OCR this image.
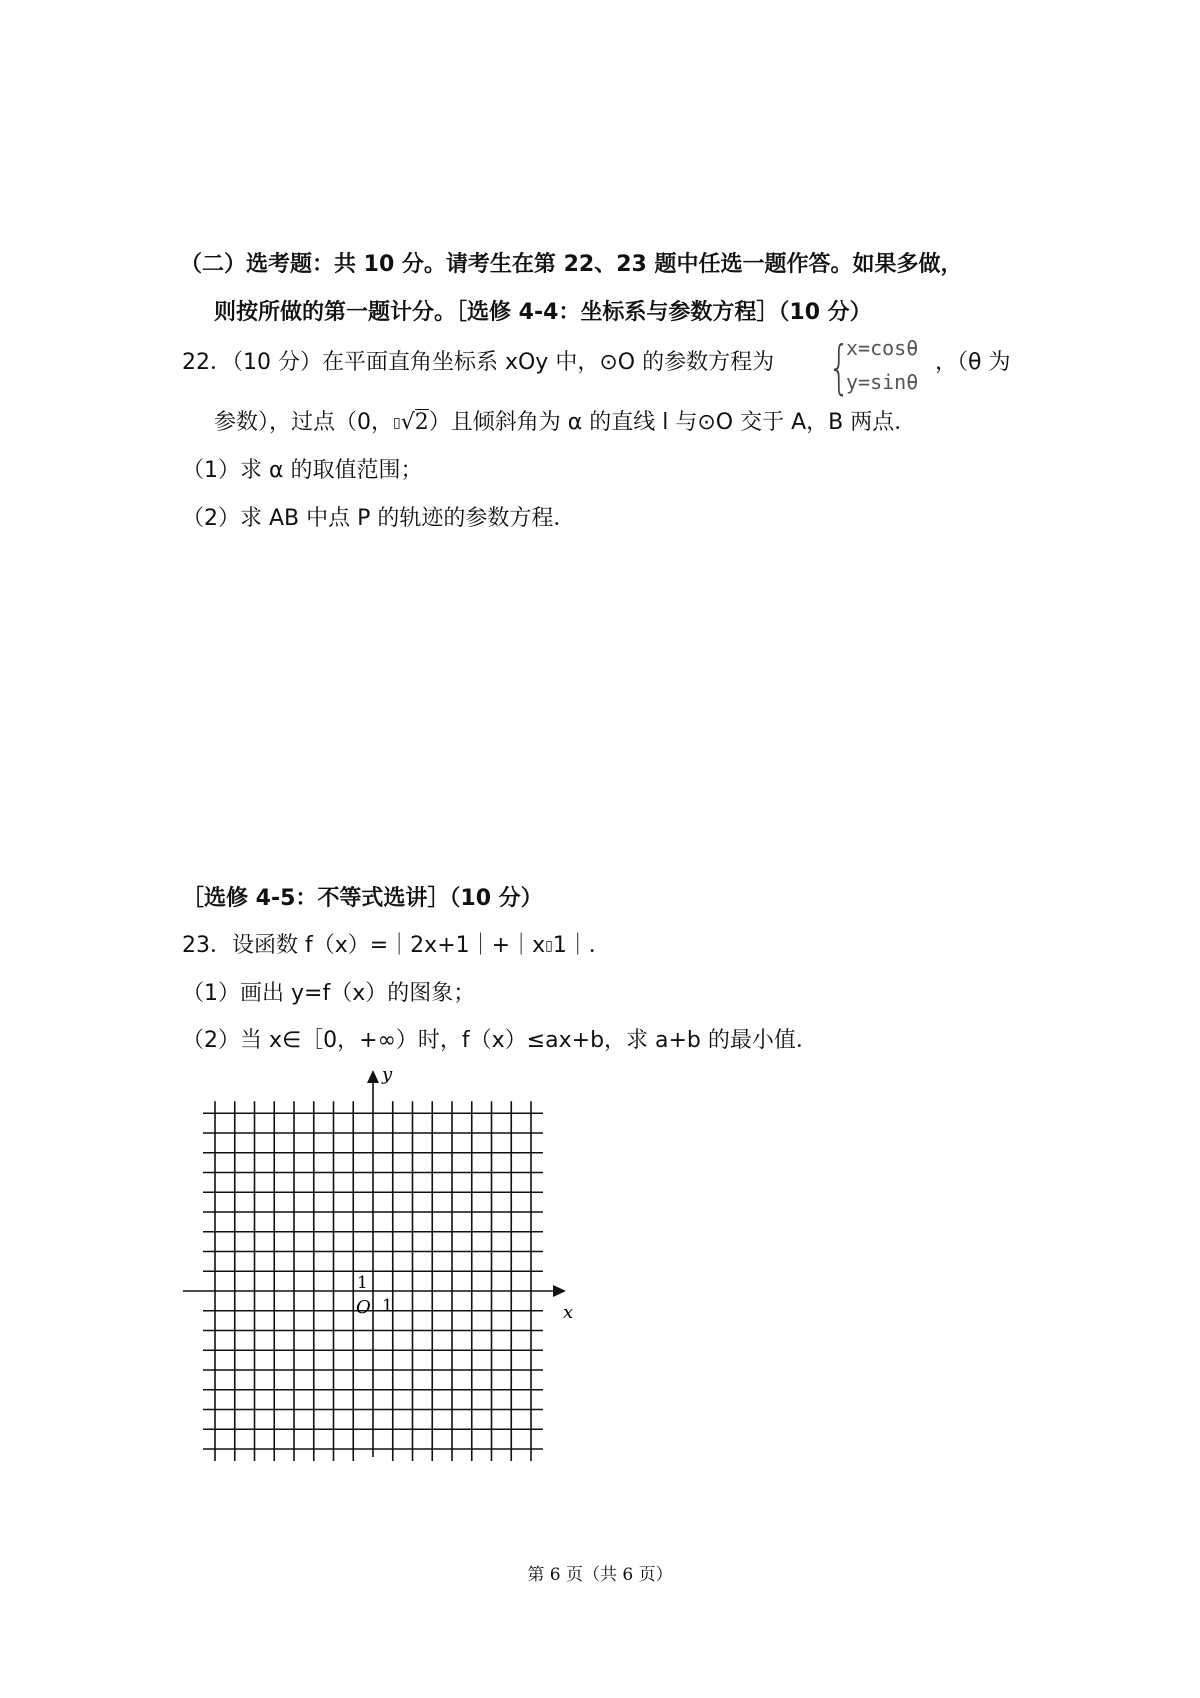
（二）选考题：共 10 分。请考生在第 22、23 题中任选一题作答。如果多做，
则按所做的第一题计分。［选修 4-4：坐标系与参数方程］（10 分）
22．（10 分）在平面直角坐标系 xOy 中，⊙O 的参数方程为 {
x=cosθ
y=sinθ
，（θ 为
参数），过点（0，▯√2）且倾斜角为 α 的直线 l 与⊙O 交于 A，B 两点．
（1）求 α 的取值范围；
（2）求 AB 中点 P 的轨迹的参数方程．
［选修 4-5：不等式选讲］（10 分）
23．设函数 f（x）=｜2x+1｜+｜x▯1｜．
（1）画出 y=f（x）的图象；
（2）当 x∈［0，+∞）时，f（x）≤ax+b，求 a+b 的最小值．
x
y
O 1
1
第 6 页（共 6 页）
